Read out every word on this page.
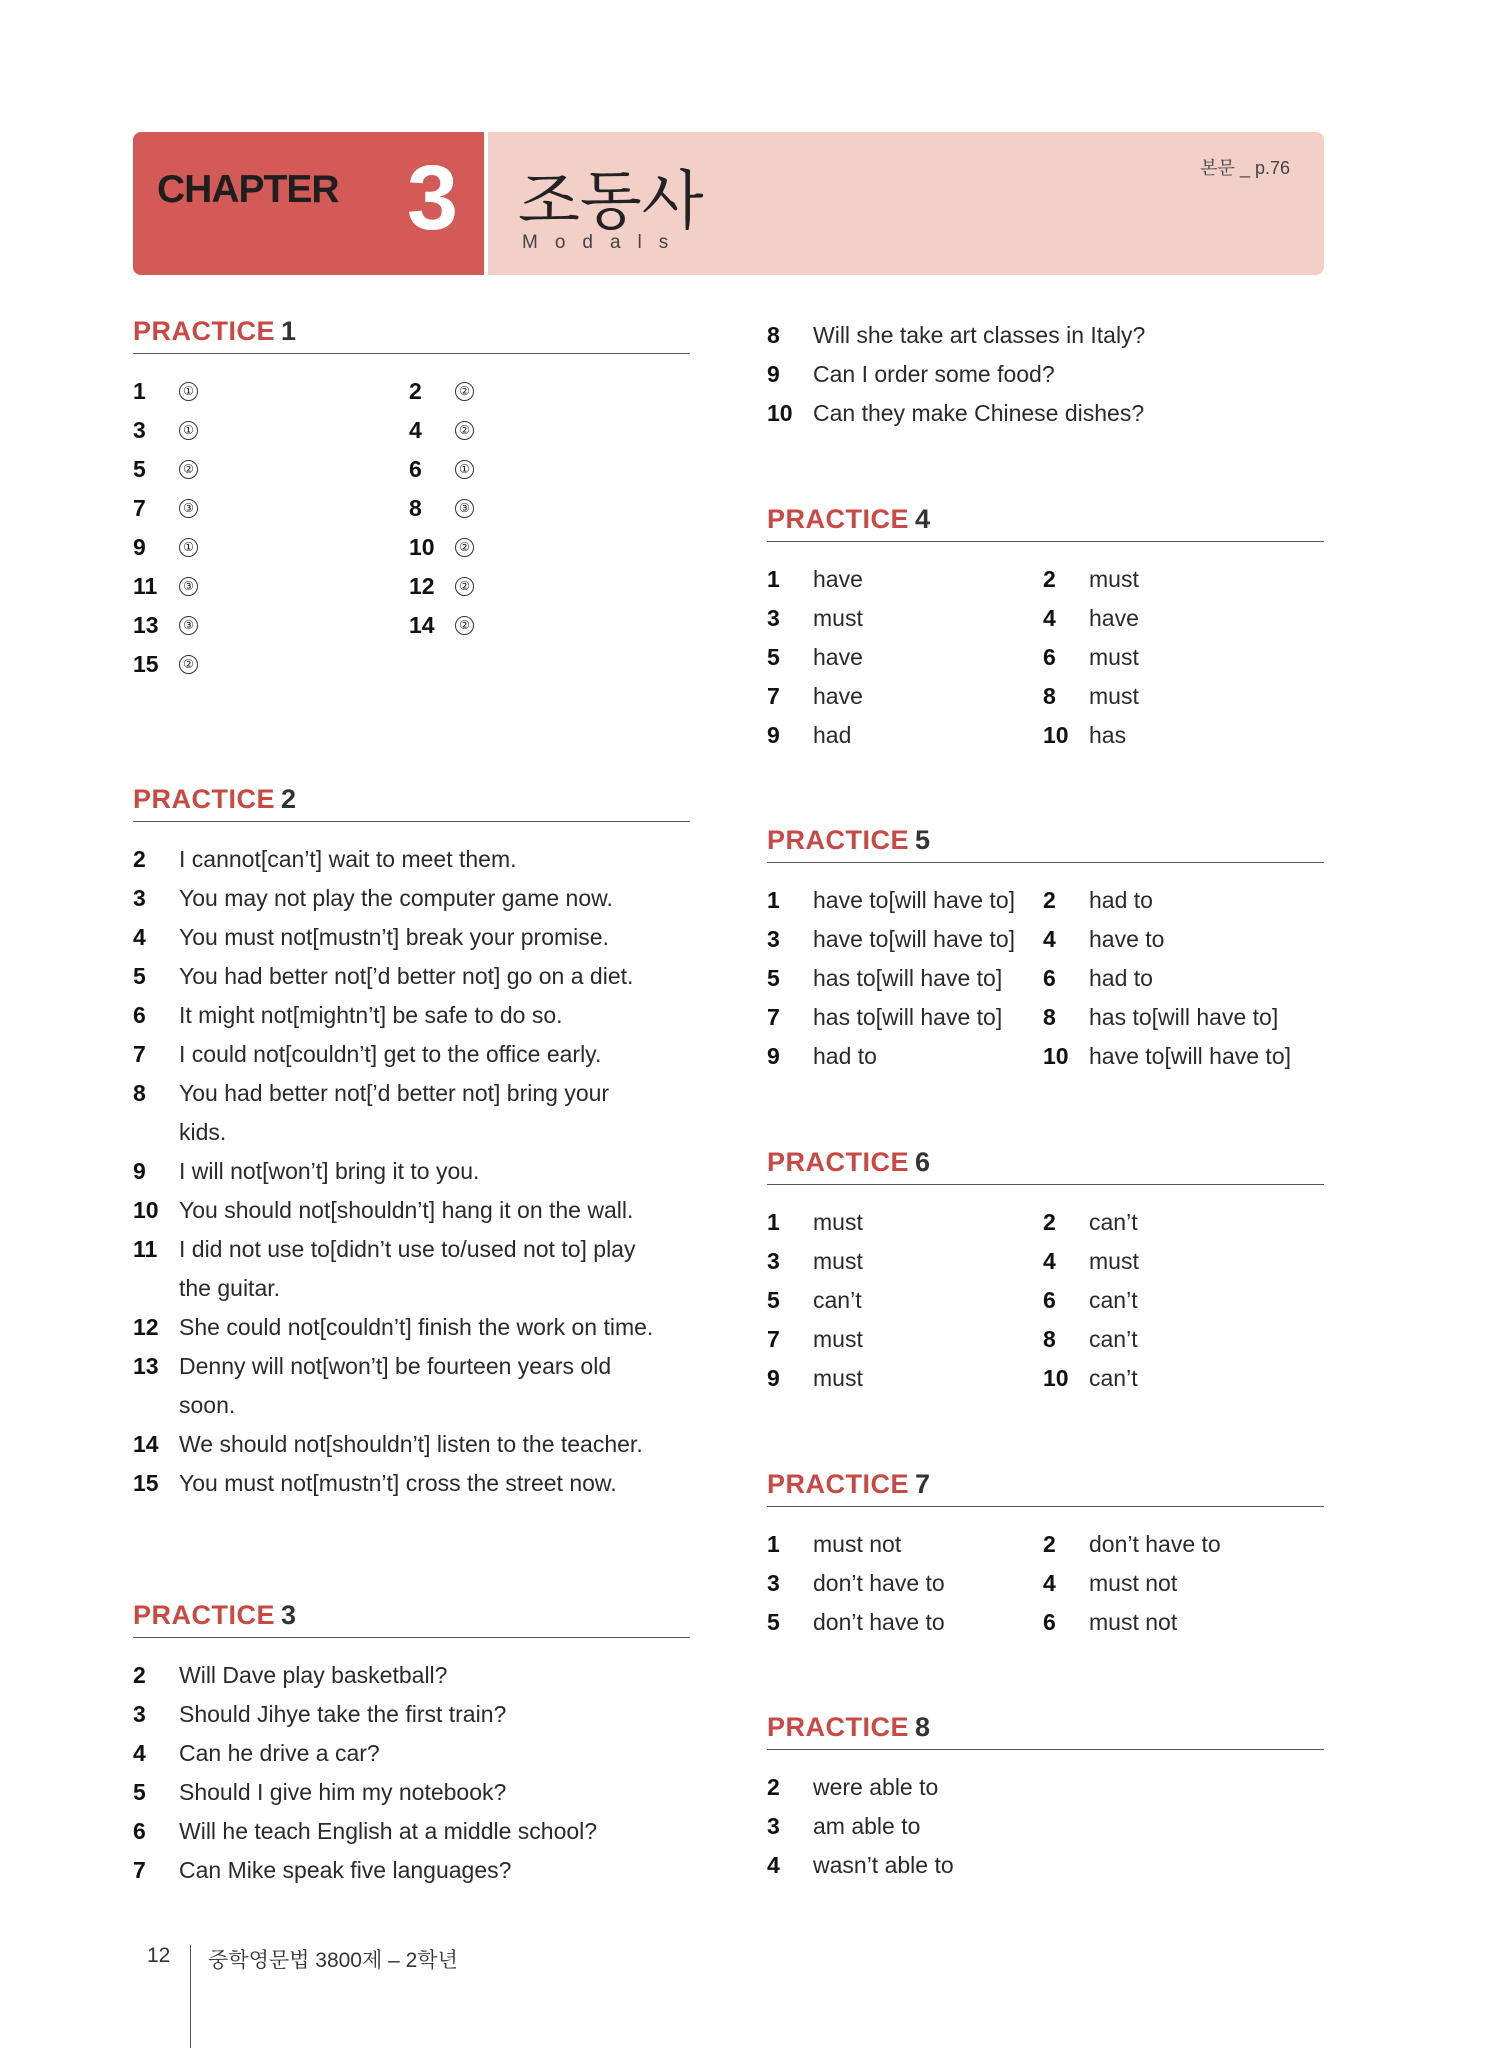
CHAPTER 3 조동사
Modals
본문 _ p.76
PRACTICE 1
1	①	2	②
3	①	4	②
5	②	6	①
7	③	8	③
9	①	10	②
11	③	12	②
13	③	14	②
15	②
PRACTICE 2
2	I cannot[can’t] wait to meet them.
3	You may not play the computer game now.
4	You must not[mustn’t] break your promise.
5	You had better not[’d better not] go on a diet.
6	It might not[mightn’t] be safe to do so.
7	I could not[couldn’t] get to the office early.
8	You had better not[’d better not] bring your
kids.
9	I will not[won’t] bring it to you.
10 You should not[shouldn’t] hang it on the wall.
11 I did not use to[didn’t use to/used not to] play
the guitar.
12 She could not[couldn’t] finish the work on time.
13 Denny will not[won’t] be fourteen years old
soon.
14 We should not[shouldn’t] listen to the teacher.
15 You must not[mustn’t] cross the street now.
PRACTICE 3
2	Will Dave play basketball?
3	Should Jihye take the first train?
4	Can he drive a car?
5	Should I give him my notebook?
6	Will he teach English at a middle school?
7	Can Mike speak five languages?
8	Will she take art classes in Italy?
9	Can I order some food?
10 Can they make Chinese dishes?
PRACTICE 4
1	have	2	must
3	must	4	have
5	have	6	must
7	have	8	must
9	had	10 has
PRACTICE 5
1	have to[will have to] 2	had to
3	have to[will have to] 4	have to
5	has to[will have to] 6	had to
7	has to[will have to] 8	has to[will have to]
9	had to	10 have to[will have to]
PRACTICE 6
1	must	2	can’t
3	must	4	must
5	can’t	6	can’t
7	must	8	can’t
9	must	10 can’t
PRACTICE 7
1	must not	2	don’t have to
3	don’t have to	4	must not
5	don’t have to	6	must not
PRACTICE 8
2	were able to
3	am able to
4	wasn’t able to
12 중학영문법 3800제 – 2학년
